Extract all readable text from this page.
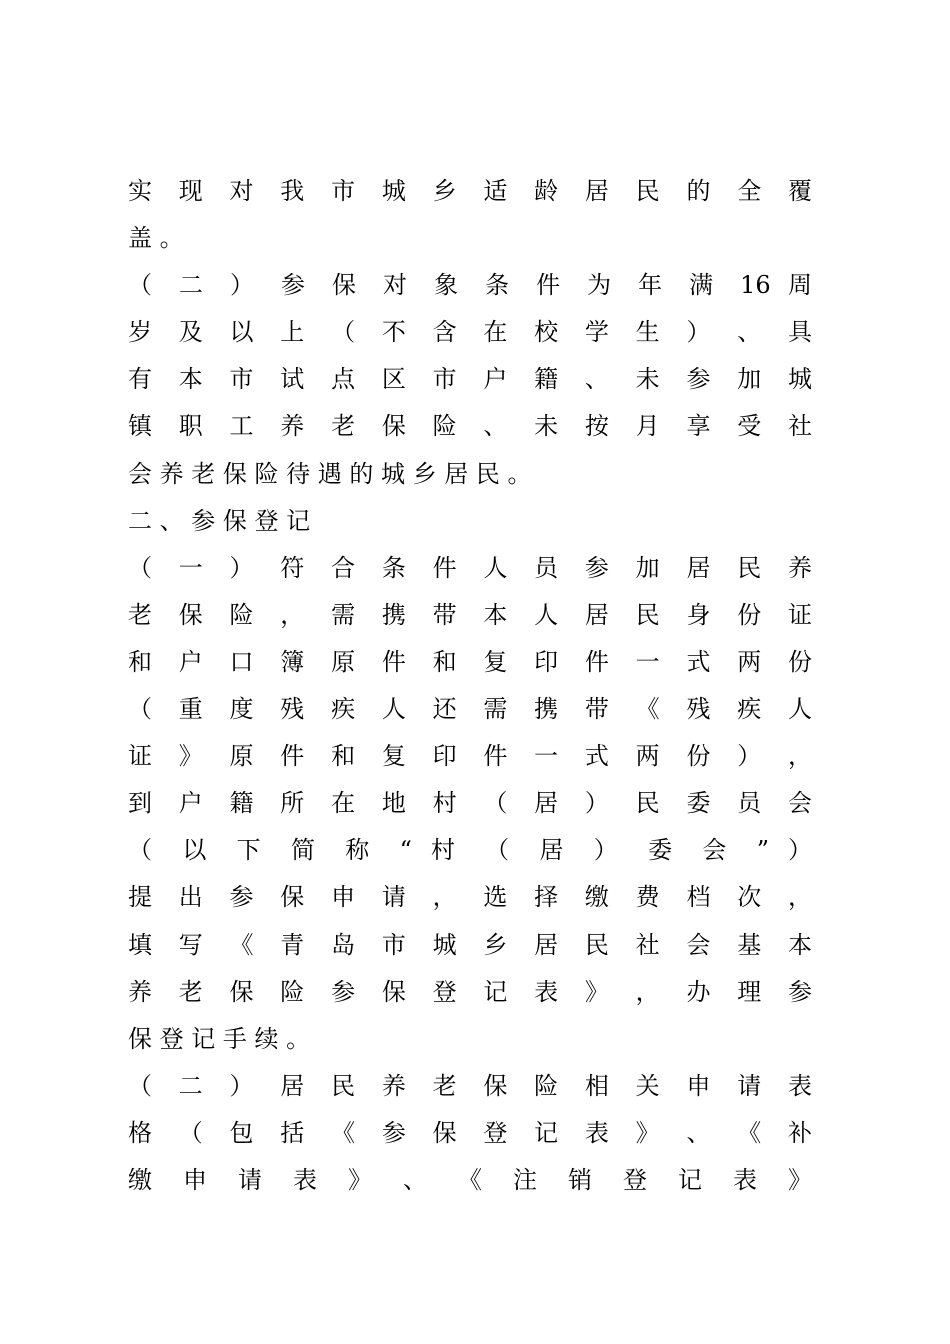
实 现 对 我 市 城 乡 适 龄 居 民 的 全 覆
盖 。
（ 二 ） 参 保 对 象 条 件 为 年 满 16 周
岁 及 以 上 （ 不 含 在 校 学 生 ） 、 具
有 本 市 试 点 区 市 户 籍 、 未 参 加 城
镇 职 工 养 老 保 险 、 未 按 月 享 受 社
会 养 老 保 险 待 遇 的 城 乡 居 民 。
二 、 参 保 登 记
（ 一 ） 符 合 条 件 人 员 参 加 居 民 养
老 保 险 ， 需 携 带 本 人 居 民 身 份 证
和 户 口 簿 原 件 和 复 印 件 一 式 两 份
（ 重 度 残 疾 人 还 需 携 带 《 残 疾 人
证 》 原 件 和 复 印 件 一 式 两 份 ） ，
到 户 籍 所 在 地 村 （ 居 ） 民 委 员 会
（ 以 下 简 称 “ 村 （ 居 ） 委 会 ” ）
提 出 参 保 申 请 ， 选 择 缴 费 档 次 ，
填 写 《 青 岛 市 城 乡 居 民 社 会 基 本
养 老 保 险 参 保 登 记 表 》 ， 办 理 参
保 登 记 手 续 。
（ 二 ） 居 民 养 老 保 险 相 关 申 请 表
格 （ 包 括 《 参 保 登 记 表 》 、 《 补
缴 申 请 表 》 、 《 注 销 登 记 表 》
